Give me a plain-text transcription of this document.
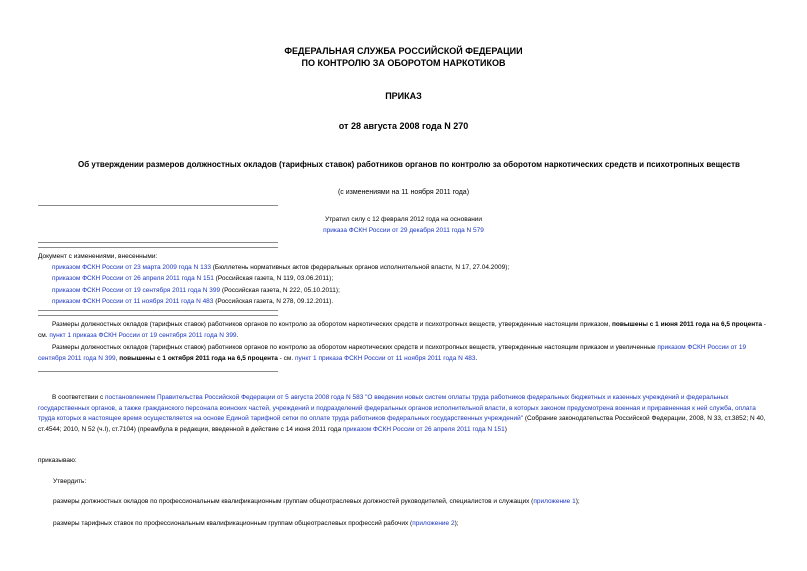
ФЕДЕРАЛЬНАЯ СЛУЖБА РОССИЙСКОЙ ФЕДЕРАЦИИ
ПО КОНТРОЛЮ ЗА ОБОРОТОМ НАРКОТИКОВ
ПРИКАЗ
от 28 августа 2008 года N 270
Об утверждении размеров должностных окладов (тарифных ставок) работников органов по контролю за оборотом наркотических средств и психотропных веществ
(с изменениями на 11 ноября 2011 года)
Утратил силу с 12 февраля 2012 года на основании
приказа ФСКН России от 29 декабря 2011 года N 579
Документ с изменениями, внесенными:
приказом ФСКН России от 23 марта 2009 года N 133 (Бюллетень нормативных актов федеральных органов исполнительной власти, N 17, 27.04.2009);
приказом ФСКН России от 26 апреля 2011 года N 151 (Российская газета, N 119, 03.06.2011);
приказом ФСКН России от 19 сентября 2011 года N 399 (Российская газета, N 222, 05.10.2011);
приказом ФСКН России от 11 ноября 2011 года N 483 (Российская газета, N 278, 09.12.2011).
Размеры должностных окладов (тарифных ставок) работников органов по контролю за оборотом наркотических средств и психотропных веществ, утвержденные настоящим приказом, повышены с 1 июня 2011 года на 6,5 процента - см. пункт 1 приказа ФСКН России от 19 сентября 2011 года N 399.
Размеры должностных окладов (тарифных ставок) работников органов по контролю за оборотом наркотических средств и психотропных веществ, утвержденные настоящим приказом и увеличенные приказом ФСКН России от 19 сентября 2011 года N 399, повышены с 1 октября 2011 года на 6,5 процента - см. пункт 1 приказа ФСКН России от 11 ноября 2011 года N 483.
В соответствии с постановлением Правительства Российской Федерации от 5 августа 2008 года N 583 "О введении новых систем оплаты труда работников федеральных бюджетных и казенных учреждений и федеральных государственных органов, а также гражданского персонала воинских частей, учреждений и подразделений федеральных органов исполнительной власти, в которых законом предусмотрена военная и приравненная к ней служба, оплата труда которых в настоящее время осуществляется на основе Единой тарифной сетки по оплате труда работников федеральных государственных учреждений" (Собрание законодательства Российской Федерации, 2008, N 33, ст.3852; N 40, ст.4544; 2010, N 52 (ч.I), ст.7104) (преамбула в редакции, введенной в действие с 14 июня 2011 года приказом ФСКН России от 26 апреля 2011 года N 151)
приказываю:
Утвердить:
размеры должностных окладов по профессиональным квалификационным группам общеотраслевых должностей руководителей, специалистов и служащих (приложение 1);
размеры тарифных ставок по профессиональным квалификационным группам общеотраслевых профессий рабочих (приложение 2);
